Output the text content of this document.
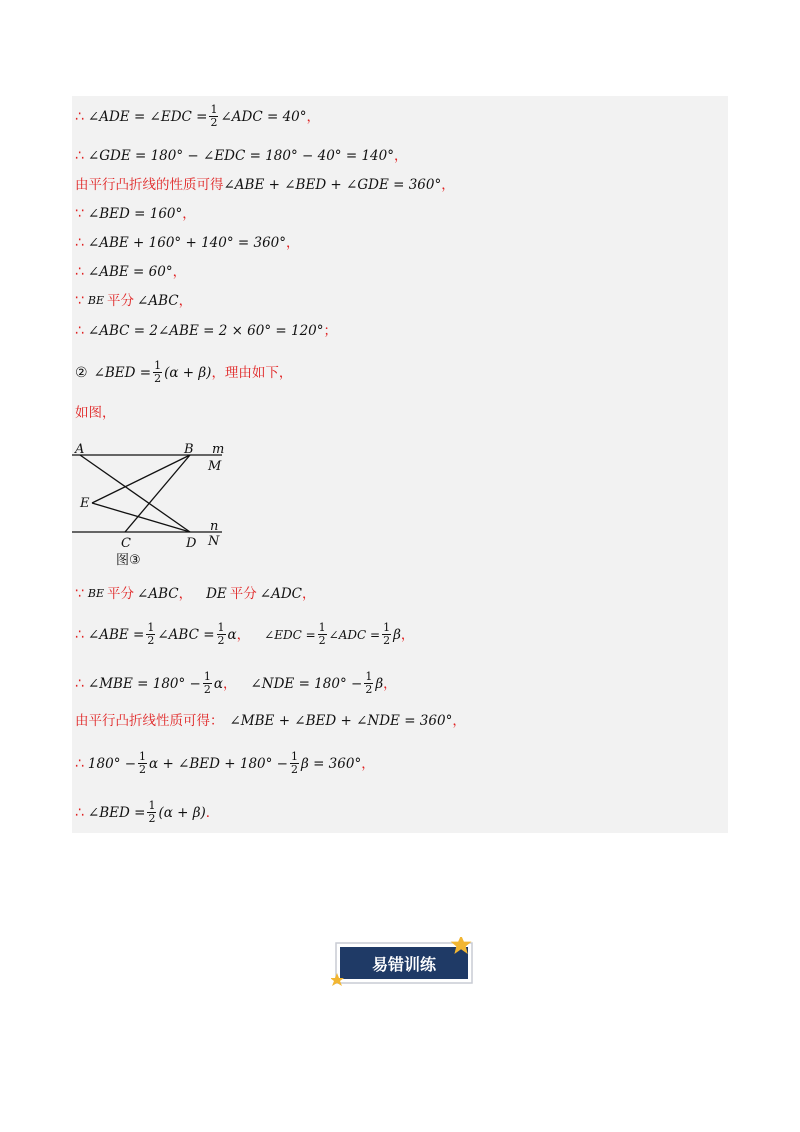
∴ ∠ADE = ∠EDC = $\frac{1}{2}$ ∠ADC = 40° ，
∴ ∠GDE = 180° − ∠EDC = 180° − 40° = 140° ，
由平行凸折线的性质可得 ∠ABE + ∠BED + ∠GDE = 360° ，
∵ ∠BED = 160° ，
∴ ∠ABE + 160° + 140° = 360° ，
∴ ∠ABE = 60° ，
∵ BE 平分 ∠ABC ，
∴ ∠ABC = 2∠ABE = 2 × 60° = 120° ；
② ∠BED = $\frac{1}{2} (\alpha + \beta)$ ，理由如下，
如图，
A	B m
M
E
n
C	D N
图③
∵ BE 平分 ∠ABC ， DE 平分 ∠ADC ，
∴ ∠ABE = $\frac{1}{2}$ ∠ABC = $\frac{1}{2}$ α ， ∠EDC = $\frac{1}{2}$ ∠ADC = $\frac{1}{2}$ β ，
∴ ∠MBE = $180^\circ - \frac{1}{2}$ α ， ∠NDE = $180^\circ - \frac{1}{2}$ β ，
由平行凸折线性质可得： ∠MBE + ∠BED + ∠NDE = 360° ，
∴ $180^\circ - \frac{1}{2}$ α + ∠BED + $180^\circ - \frac{1}{2}$ β = 360° ，
∴ ∠BED = $\frac{1}{2} (\alpha + \beta)$ ．
易错训练
